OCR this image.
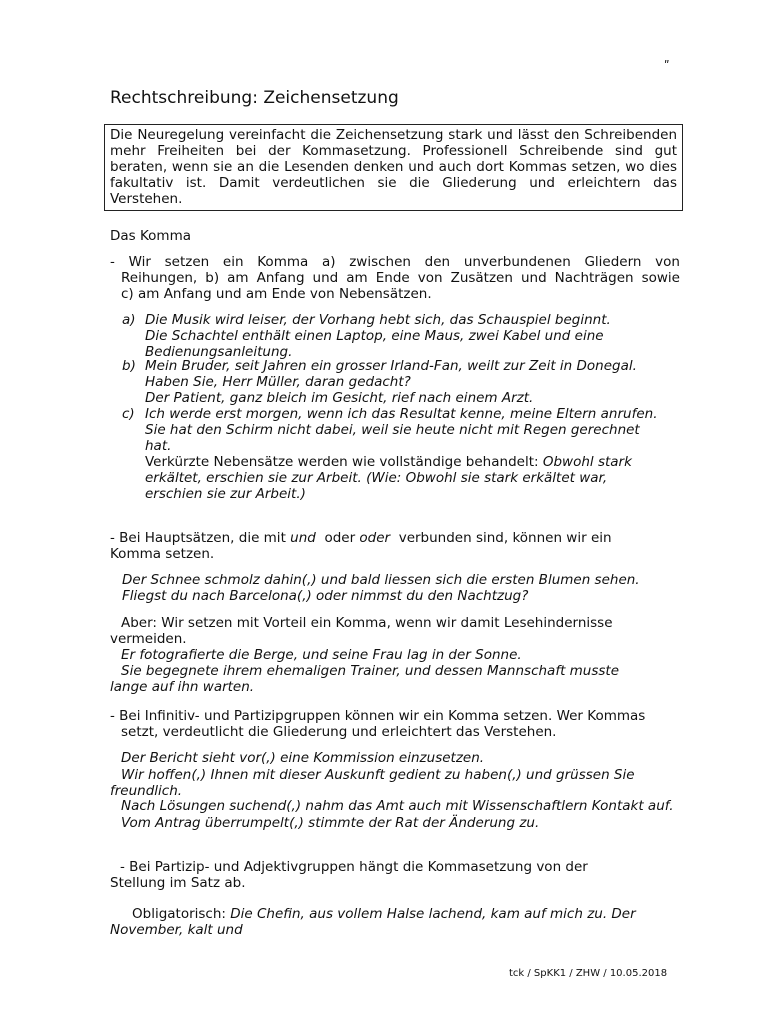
ʺ
Rechtschreibung: Zeichensetzung
Die Neuregelung vereinfacht die Zeichensetzung stark und lässt den Schreibenden mehr Freiheiten bei der Kommasetzung. Professionell Schreibende sind gut beraten, wenn sie an die Lesenden denken und auch dort Kommas setzen, wo dies fakultativ ist. Damit verdeutlichen sie die Gliederung und erleichtern das Verstehen.
Das Komma
- Wir setzen ein Komma a) zwischen den unverbundenen Gliedern von
Reihungen, b) am Anfang und am Ende von Zusätzen und Nachträgen sowie
c) am Anfang und am Ende von Nebensätzen.
a) Die Musik wird leiser, der Vorhang hebt sich, das Schauspiel beginnt.
Die Schachtel enthält einen Laptop, eine Maus, zwei Kabel und eine Bedienungsanleitung.
b) Mein Bruder, seit Jahren ein grosser Irland-Fan, weilt zur Zeit in Donegal.
Haben Sie, Herr Müller, daran gedacht?
Der Patient, ganz bleich im Gesicht, rief nach einem Arzt.
c) Ich werde erst morgen, wenn ich das Resultat kenne, meine Eltern anrufen.
Sie hat den Schirm nicht dabei, weil sie heute nicht mit Regen gerechnet hat.
Verkürzte Nebensätze werden wie vollständige behandelt: Obwohl stark erkältet, erschien sie zur Arbeit. (Wie: Obwohl sie stark erkältet war, erschien sie zur Arbeit.)
- Bei Hauptsätzen, die mit und oder oder verbunden sind, können wir ein Komma setzen.
Der Schnee schmolz dahin(,) und bald liessen sich die ersten Blumen sehen.
Fliegst du nach Barcelona(,) oder nimmst du den Nachtzug?
Aber: Wir setzen mit Vorteil ein Komma, wenn wir damit Lesehindernisse vermeiden.
Er fotografierte die Berge, und seine Frau lag in der Sonne.
Sie begegnete ihrem ehemaligen Trainer, und dessen Mannschaft musste lange auf ihn warten.
- Bei Infinitiv- und Partizipgruppen können wir ein Komma setzen. Wer Kommas
setzt, verdeutlicht die Gliederung und erleichtert das Verstehen.
Der Bericht sieht vor(,) eine Kommission einzusetzen.
Wir hoffen(,) Ihnen mit dieser Auskunft gedient zu haben(,) und grüssen Sie freundlich.
Nach Lösungen suchend(,) nahm das Amt auch mit Wissenschaftlern Kontakt auf.
Vom Antrag überrumpelt(,) stimmte der Rat der Änderung zu.
- Bei Partizip- und Adjektivgruppen hängt die Kommasetzung von der Stellung im Satz ab.
Obligatorisch: Die Chefin, aus vollem Halse lachend, kam auf mich zu. Der November, kalt und
tck / SpKK1 / ZHW / 10.05.2018
